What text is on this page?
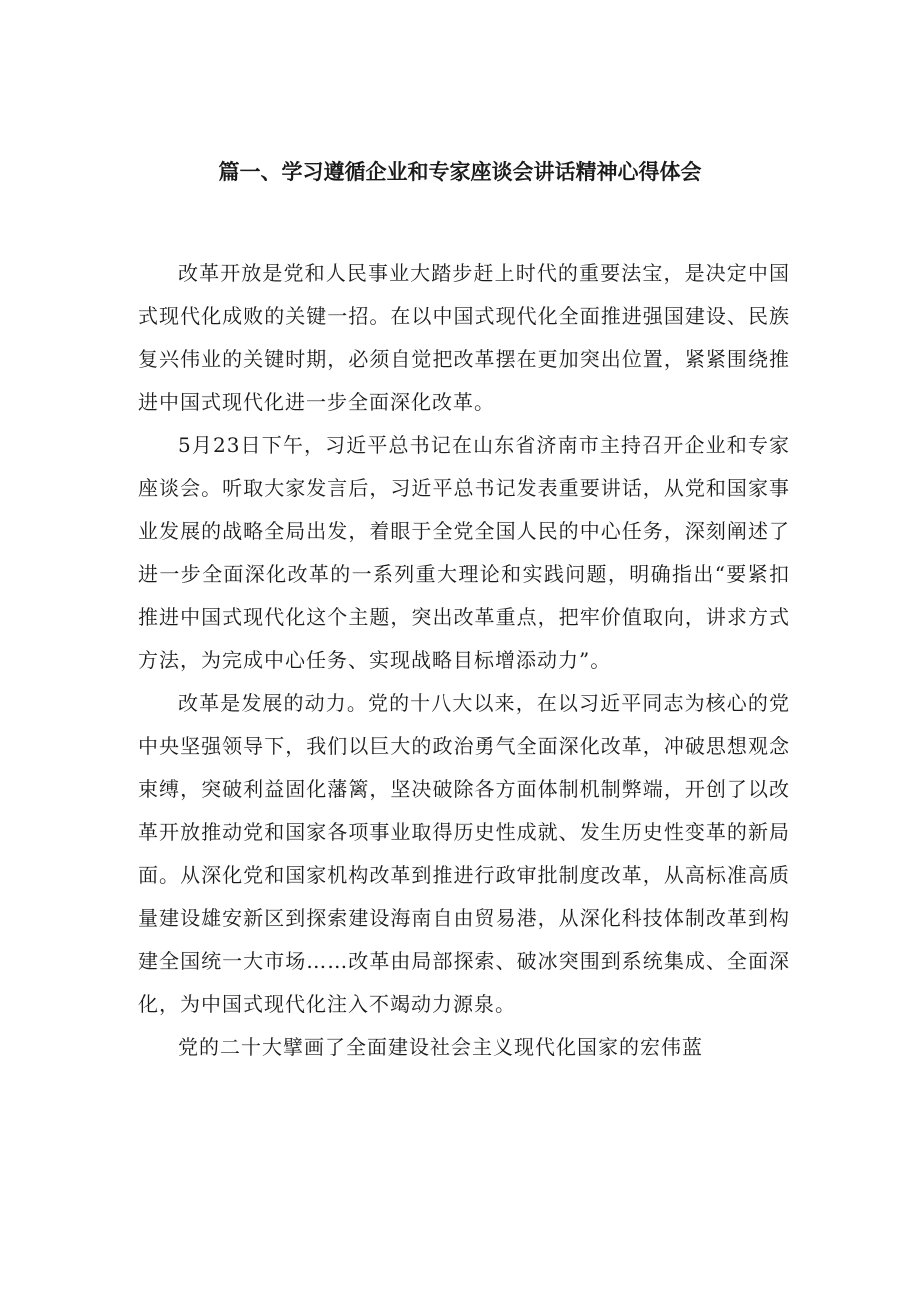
篇一、学习遵循企业和专家座谈会讲话精神心得体会

改革开放是党和人民事业大踏步赶上时代的重要法宝，是决定中国式现代化成败的关键一招。在以中国式现代化全面推进强国建设、民族复兴伟业的关键时期，必须自觉把改革摆在更加突出位置，紧紧围绕推进中国式现代化进一步全面深化改革。

5月23日下午，习近平总书记在山东省济南市主持召开企业和专家座谈会。听取大家发言后，习近平总书记发表重要讲话，从党和国家事业发展的战略全局出发，着眼于全党全国人民的中心任务，深刻阐述了进一步全面深化改革的一系列重大理论和实践问题，明确指出“要紧扣推进中国式现代化这个主题，突出改革重点，把牢价值取向，讲求方式方法，为完成中心任务、实现战略目标增添动力”。

改革是发展的动力。党的十八大以来，在以习近平同志为核心的党中央坚强领导下，我们以巨大的政治勇气全面深化改革，冲破思想观念束缚，突破利益固化藩篱，坚决破除各方面体制机制弊端，开创了以改革开放推动党和国家各项事业取得历史性成就、发生历史性变革的新局面。从深化党和国家机构改革到推进行政审批制度改革，从高标准高质量建设雄安新区到探索建设海南自由贸易港，从深化科技体制改革到构建全国统一大市场……改革由局部探索、破冰突围到系统集成、全面深化，为中国式现代化注入不竭动力源泉。

党的二十大擘画了全面建设社会主义现代化国家的宏伟蓝
